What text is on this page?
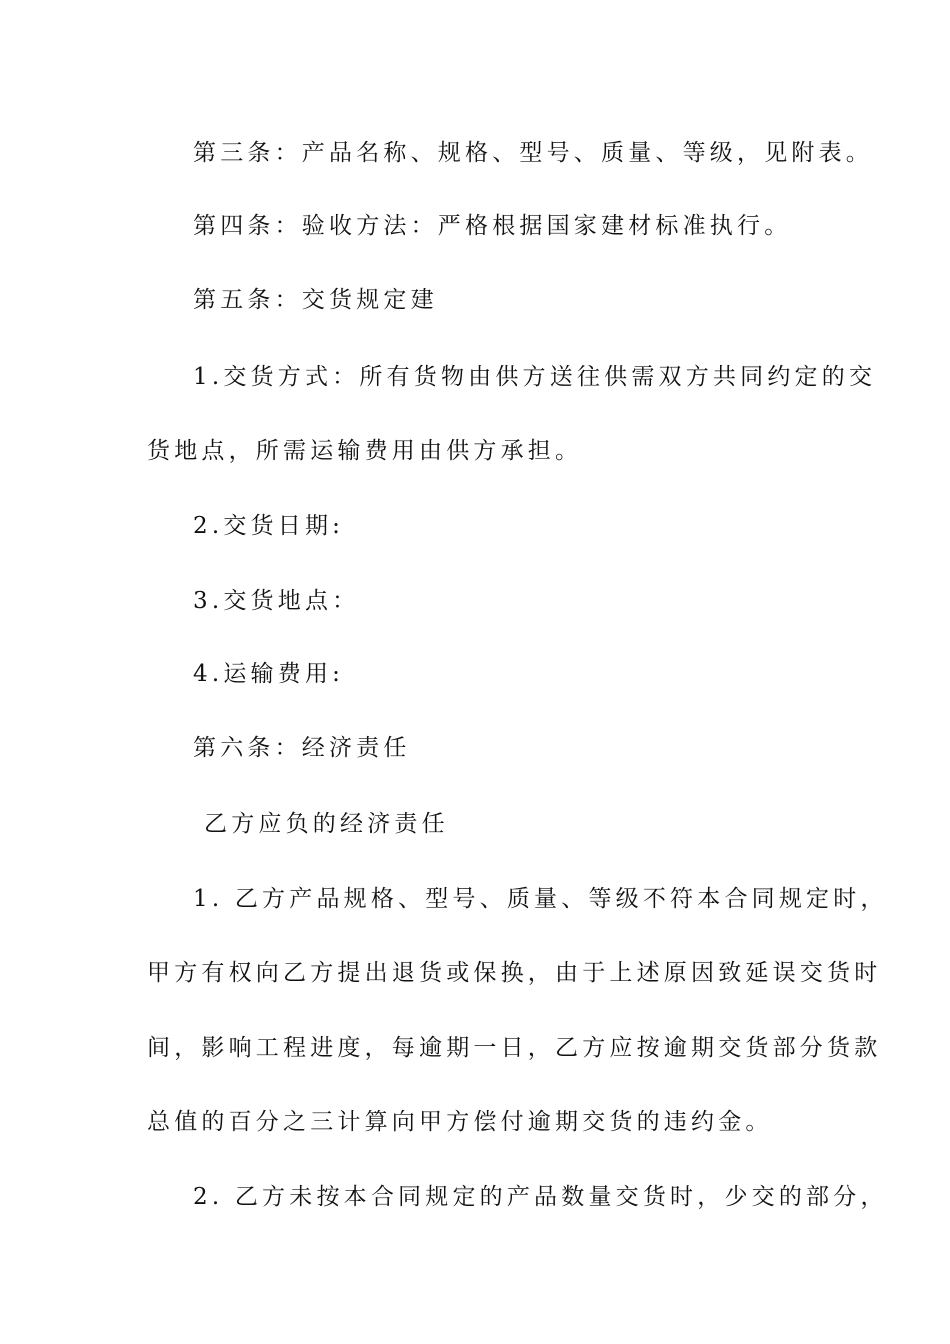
第三条：产品名称、规格、型号、质量、等级，见附表。
第四条：验收方法：严格根据国家建材标准执行。
第五条：交货规定建
1.交货方式：所有货物由供方送往供需双方共同约定的交
货地点，所需运输费用由供方承担。
2.交货日期:
3.交货地点：
4.运输费用:
第六条：经济责任
乙方应负的经济责任
1. 乙方产品规格、型号、质量、等级不符本合同规定时，
甲方有权向乙方提出退货或保换，由于上述原因致延误交货时
间，影响工程进度，每逾期一日，乙方应按逾期交货部分货款
总值的百分之三计算向甲方偿付逾期交货的违约金。
2. 乙方未按本合同规定的产品数量交货时，少交的部分，
